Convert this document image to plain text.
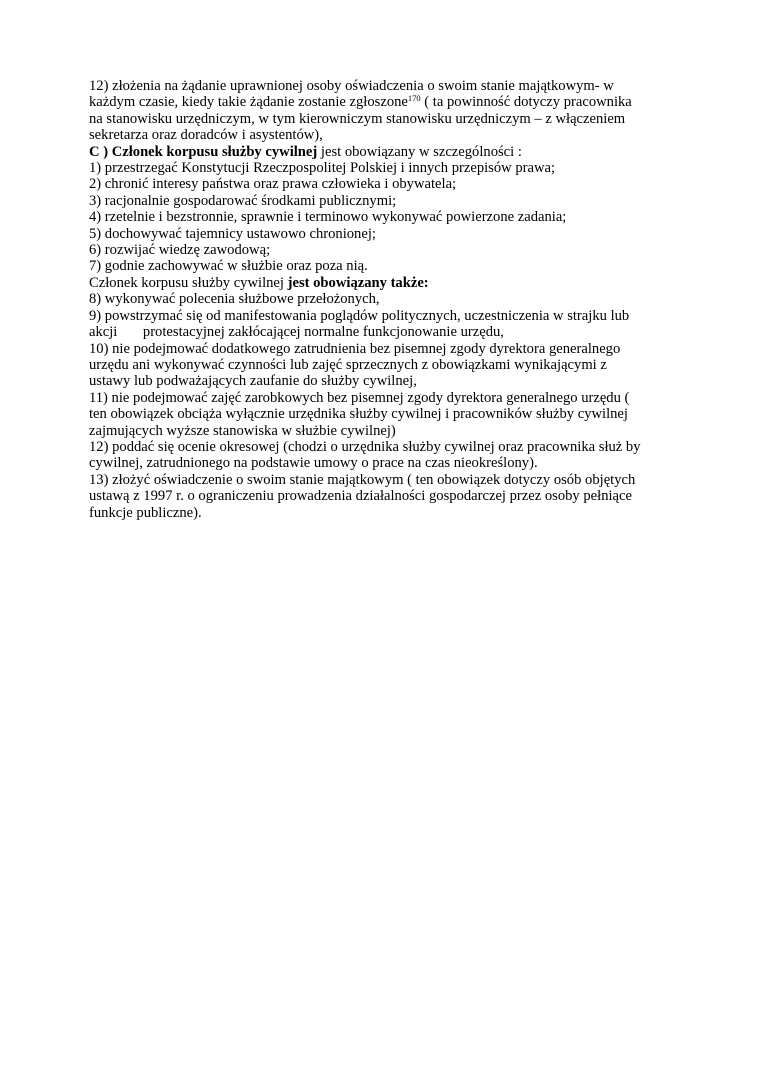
12) złożenia na żądanie uprawnionej osoby oświadczenia o swoim stanie majątkowym- w
każdym czasie, kiedy takie żądanie zostanie zgłoszone$^{170}$ ( ta powinność dotyczy pracownika
na stanowisku urzędniczym, w tym kierowniczym stanowisku urzędniczym – z włączeniem
sekretarza oraz doradców i asystentów),
C ) Członek korpusu służby cywilnej jest obowiązany w szczególności :
1) przestrzegać Konstytucji Rzeczpospolitej Polskiej i innych przepisów prawa;
2) chronić interesy państwa oraz prawa człowieka i obywatela;
3) racjonalnie gospodarować środkami publicznymi;
4) rzetelnie i bezstronnie, sprawnie i terminowo wykonywać powierzone zadania;
5) dochowywać tajemnicy ustawowo chronionej;
6) rozwijać wiedzę zawodową;
7) godnie zachowywać w służbie oraz poza nią.
Członek korpusu służby cywilnej jest obowiązany także:
8) wykonywać polecenia służbowe przełożonych,
9) powstrzymać się od manifestowania poglądów politycznych, uczestniczenia w strajku lub
akcji       protestacyjnej zakłócającej normalne funkcjonowanie urzędu,
10) nie podejmować dodatkowego zatrudnienia bez pisemnej zgody dyrektora generalnego
urzędu ani wykonywać czynności lub zajęć sprzecznych z obowiązkami wynikającymi z
ustawy lub podważających zaufanie do służby cywilnej,
11) nie podejmować zajęć zarobkowych bez pisemnej zgody dyrektora generalnego urzędu (
ten obowiązek obciąża wyłącznie urzędnika służby cywilnej i pracowników służby cywilnej
zajmujących wyższe stanowiska w służbie cywilnej)
12) poddać się ocenie okresowej (chodzi o urzędnika służby cywilnej oraz pracownika służ by
cywilnej, zatrudnionego na podstawie umowy o prace na czas nieokreślony).
13) złożyć oświadczenie o swoim stanie majątkowym ( ten obowiązek dotyczy osób objętych
ustawą z 1997 r. o ograniczeniu prowadzenia działalności gospodarczej przez osoby pełniące
funkcje publiczne).
